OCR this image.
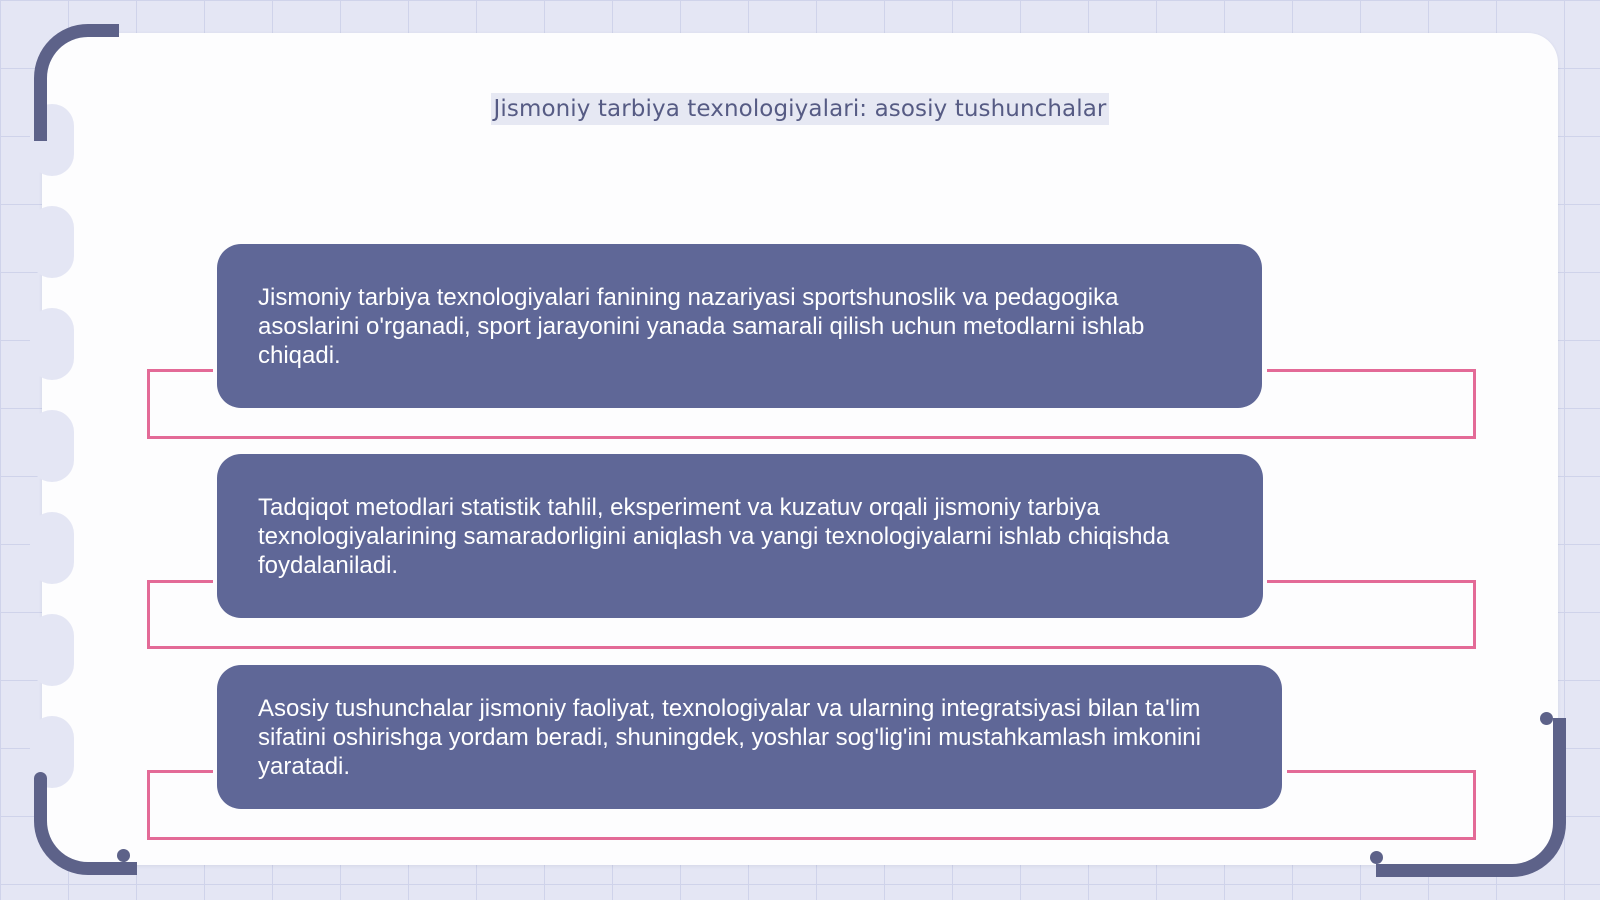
Jismoniy tarbiya texnologiyalari: asosiy tushunchalar

Jismoniy tarbiya texnologiyalari fanining nazariyasi sportshunoslik va pedagogika asoslarini o'rganadi, sport jarayonini yanada samarali qilish uchun metodlarni ishlab chiqadi.

Tadqiqot metodlari statistik tahlil, eksperiment va kuzatuv orqali jismoniy tarbiya texnologiyalarining samaradorligini aniqlash va yangi texnologiyalarni ishlab chiqishda foydalaniladi.

Asosiy tushunchalar jismoniy faoliyat, texnologiyalar va ularning integratsiyasi bilan ta'lim sifatini oshirishga yordam beradi, shuningdek, yoshlar sog'lig'ini mustahkamlash imkonini yaratadi.
